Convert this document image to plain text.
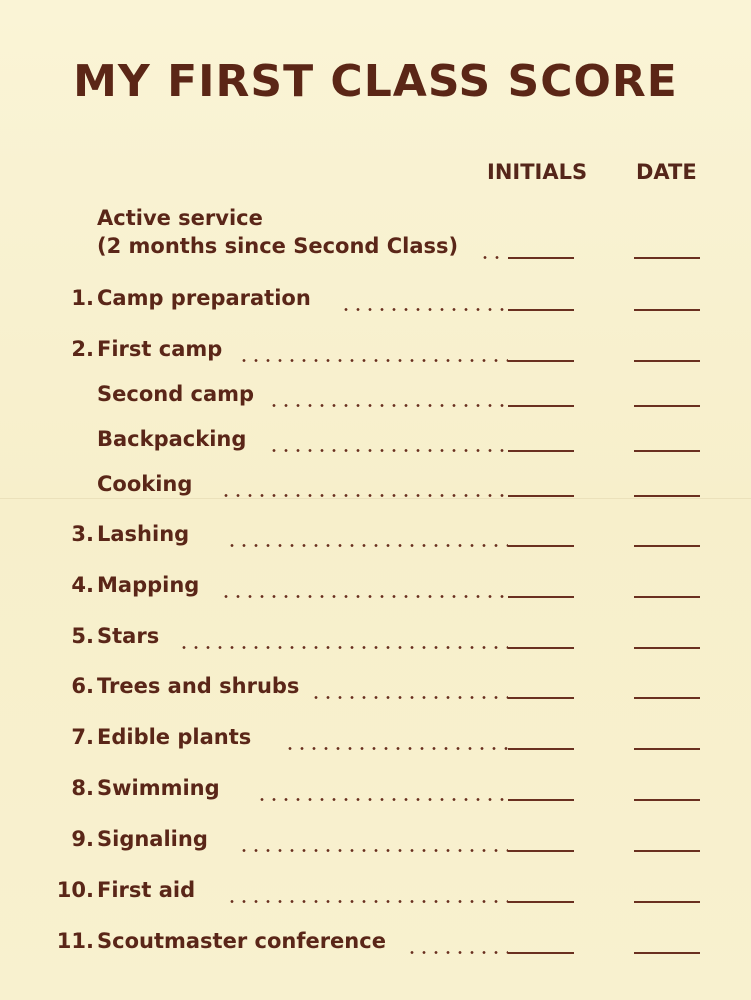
MY FIRST CLASS SCORE
INITIALS DATE
Active service
(2 months since Second Class)
1. Camp preparation
2. First camp
Second camp
Backpacking
Cooking
3. Lashing
4. Mapping
5. Stars
6. Trees and shrubs
7. Edible plants
8. Swimming
9. Signaling
10. First aid
11. Scoutmaster conference
